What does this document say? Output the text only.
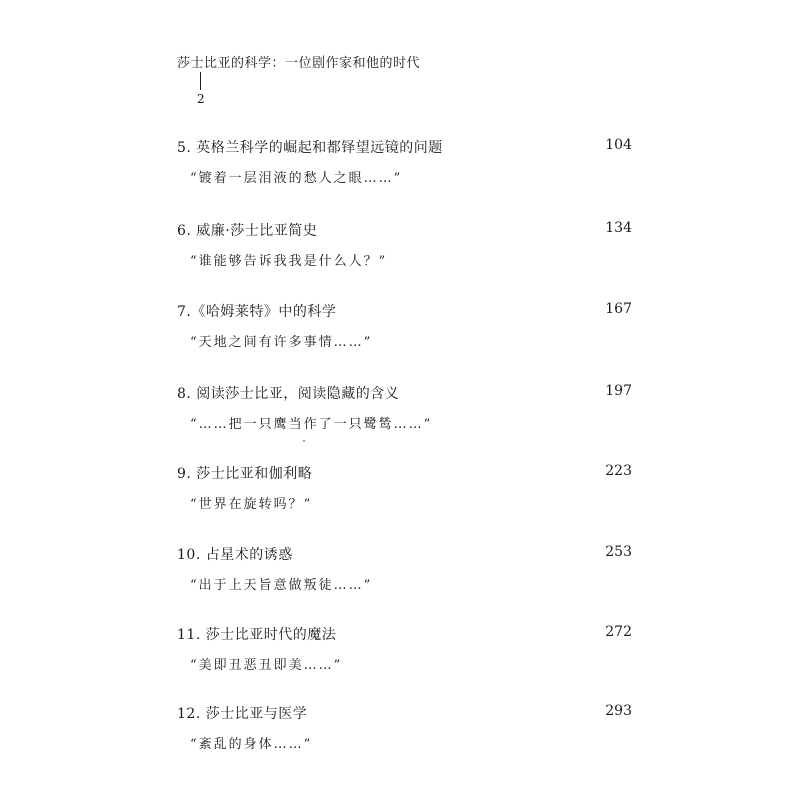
莎士比亚的科学：一位剧作家和他的时代
2
5. 英格兰科学的崛起和都铎望远镜的问题	104
“镀着一层泪液的愁人之眼……”
6. 威廉·莎士比亚简史	134
“谁能够告诉我我是什么人？”
7.《哈姆莱特》中的科学	167
“天地之间有许多事情……”
8. 阅读莎士比亚，阅读隐藏的含义	197
“……把一只鹰当作了一只鹭鸶……”
9. 莎士比亚和伽利略	223
“世界在旋转吗？”
10. 占星术的诱惑	253
“出于上天旨意做叛徒……”
11. 莎士比亚时代的魔法	272
“美即丑恶丑即美……”
12. 莎士比亚与医学	293
“紊乱的身体……”
